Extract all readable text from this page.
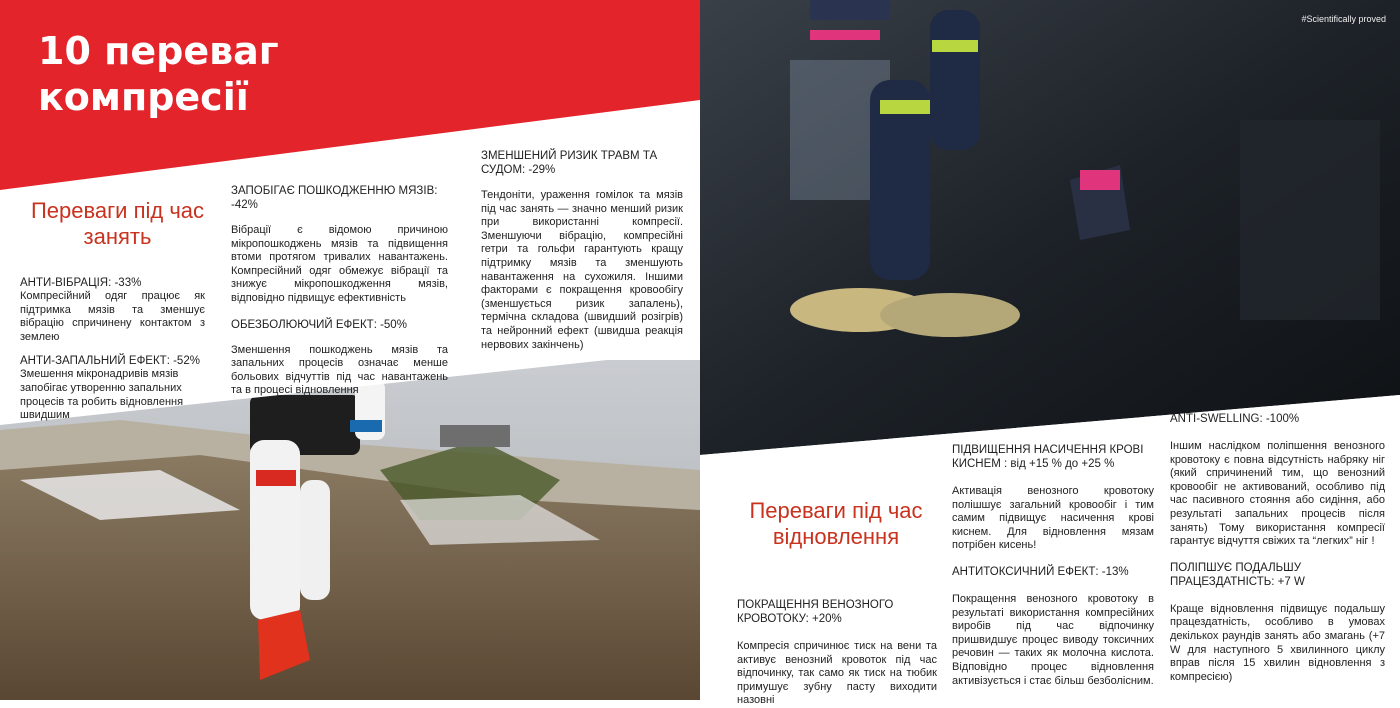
10 переваг компресії
Переваги під час занять

АНТИ-ВІБРАЦІЯ: -33%

Компресійний одяг працює як підтримка мязів та зменшує вібрацію спричинену контактом з землею

АНТИ-ЗАПАЛЬНИЙ ЕФЕКТ: -52%

Змешення мікронадривів мязів запобігає утворенню запальних процесів та робить відновлення швидшим

ЗАПОБІГАЄ ПОШКОДЖЕННЮ МЯЗІВ: -42%

Вібрації є відомою причиною мікропошкоджень мязів та підвищення втоми протягом тривалих навантажень. Компресійний одяг обмежує вібрації та знижує мікропошкодження мязів, відповідно підвищує ефективність

ОБЕЗБОЛЮЮЧИЙ ЕФЕКТ: -50%

Зменшення пошкоджень мязів та запальних процесів означає менше больових відчуттів під час навантажень та в процесі відновлення

ЗМЕНШЕНИЙ РИЗИК ТРАВМ ТА СУДОМ: -29%

Тендоніти, ураження гомілок та мязів під час занять — значно менший ризик при використанні компресії. Зменшуючи вібрацію, компресійні гетри та гольфи гарантують кращу підтримку мязів та зменшують навантаження на сухожиля. Іншими факторами є покращення кровообігу (зменшується ризик запалень), термічна складова (швидший розігрів) та нейронний ефект (швидша реакція нервових закінчень)

#Scientifically proved
Переваги під час відновлення

ПОКРАЩЕННЯ ВЕНОЗНОГО КРОВОТОКУ: +20%

Компресія спричинює тиск на вени та активує венозний кровоток під час відпочинку, так само як тиск на тюбик примушує зубну пасту виходити назовні

ПІДВИЩЕННЯ НАСИЧЕННЯ КРОВІ КИСНЕМ : від +15 % до +25 %

Активація венозного кровотоку полішшує загальний кровообіг і тим самим підвищує насичення крові киснем. Для відновлення мязам потрібен кисень!

АНТИТОКСИЧНИЙ ЕФЕКТ: -13%

Покращення венозного кровотоку в результаті використання компресійних виробів під час відпочинку пришвидшує процес виводу токсичних речовин — таких як молочна кислота. Відповідно процес відновлення активізується і стає більш безболісним.

ANTI-SWELLING: -100%

Іншим наслідком поліпшення венозного кровотоку є повна відсутність набряку ніг (який спричинений тим, що венозний кровообіг не активований, особливо під час пасивного стояння або сидіння, або результаті запальних процесів після занять) Тому використання компресії гарантує відчуття свіжих та “легких” ніг !

ПОЛІПШУЄ ПОДАЛЬШУ ПРАЦЕЗДАТНІСТЬ: +7 W

Краще відновлення підвищує подальшу працездатність, особливо в умовах декількох раундів занять або змагань (+7 W для наступного 5 хвилинного циклу вправ після 15 хвилин відновлення з компресією)
